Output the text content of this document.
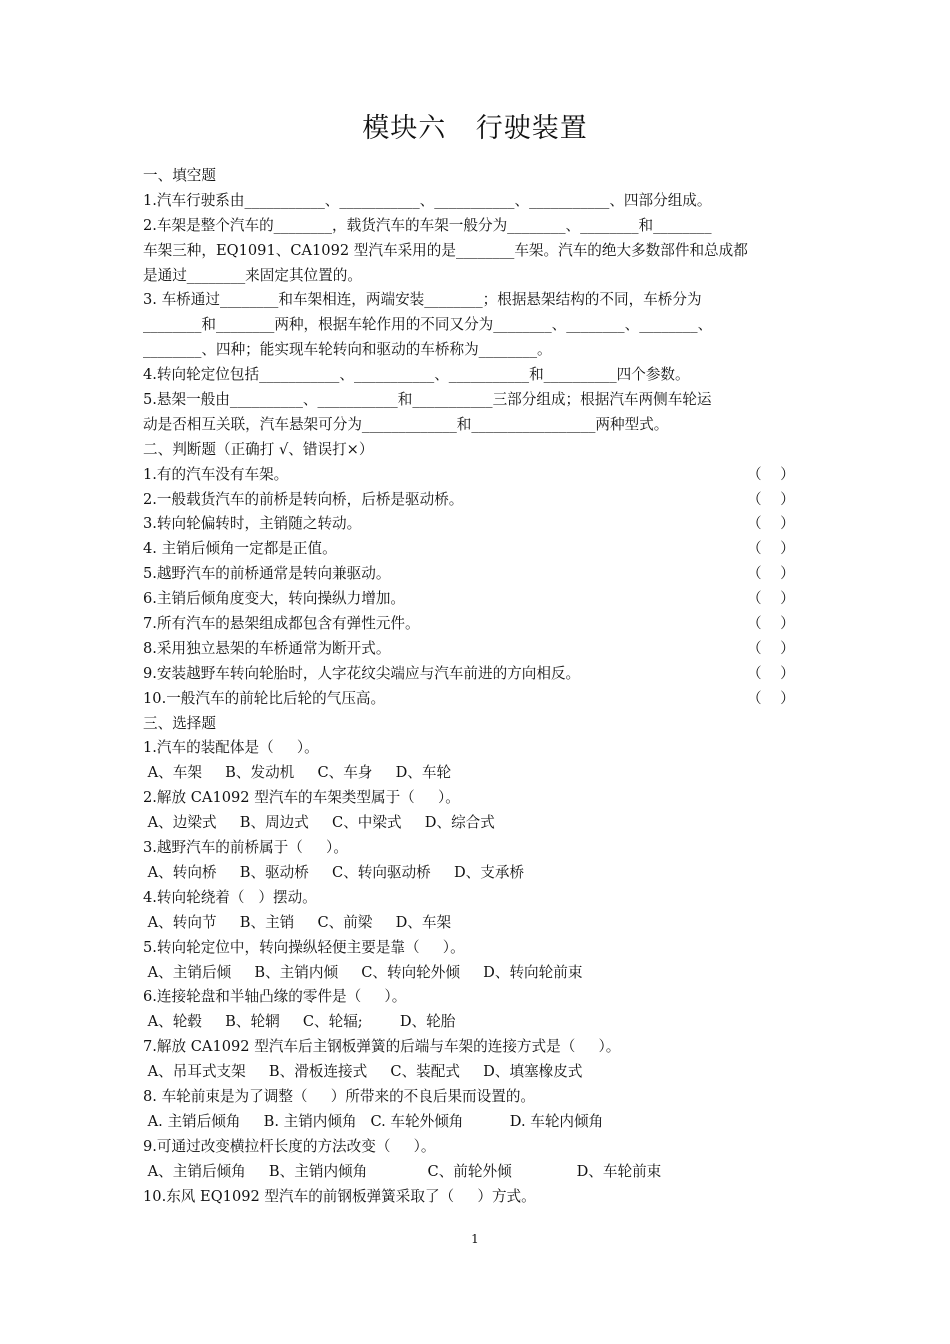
模块六 行驶装置
一、填空题
1.汽车行驶系由___________、___________、___________、___________、四部分组成。
2.车架是整个汽车的________，载货汽车的车架一般分为________、________和________
车架三种，EQ1091、CA1092 型汽车采用的是________车架。汽车的绝大多数部件和总成都
是通过________来固定其位置的。
3. 车桥通过________和车架相连，两端安装________；根据悬架结构的不同，车桥分为
________和________两种，根据车轮作用的不同又分为________、________、________、
________、四种；能实现车轮转向和驱动的车桥称为________。
4.转向轮定位包括___________、___________、___________和__________四个参数。
5.悬架一般由__________、___________和___________三部分组成；根据汽车两侧车轮运
动是否相互关联，汽车悬架可分为_____________和_________________两种型式。
二、判断题（正确打 √、错误打×）
1.有的汽车没有车架。	（    ）
2.一般载货汽车的前桥是转向桥，后桥是驱动桥。	（    ）
3.转向轮偏转时，主销随之转动。	（    ）
4. 主销后倾角一定都是正值。	（    ）
5.越野汽车的前桥通常是转向兼驱动。	（    ）
6.主销后倾角度变大，转向操纵力增加。	（    ）
7.所有汽车的悬架组成都包含有弹性元件。	（    ）
8.采用独立悬架的车桥通常为断开式。	（    ）
9.安装越野车转向轮胎时，人字花纹尖端应与汽车前进的方向相反。	（    ）
10.一般汽车的前轮比后轮的气压高。	（    ）
三、选择题
1.汽车的装配体是（     ）。
A、车架     B、发动机     C、车身     D、车轮
2.解放 CA1092 型汽车的车架类型属于（     ）。
A、边梁式     B、周边式     C、中梁式     D、综合式
3.越野汽车的前桥属于（     ）。
A、转向桥     B、驱动桥     C、转向驱动桥     D、支承桥
4.转向轮绕着（   ）摆动。
A、转向节     B、主销     C、前梁     D、车架
5.转向轮定位中，转向操纵轻便主要是靠（     ）。
A、主销后倾     B、主销内倾     C、转向轮外倾     D、转向轮前束
6.连接轮盘和半轴凸缘的零件是（     ）。
A、轮毂     B、轮辋     C、轮辐;        D、轮胎
7.解放 CA1092 型汽车后主钢板弹簧的后端与车架的连接方式是（     ）。
A、吊耳式支架     B、滑板连接式     C、装配式     D、填塞橡皮式
8. 车轮前束是为了调整（     ）所带来的不良后果而设置的。
A. 主销后倾角     B. 主销内倾角   C. 车轮外倾角          D. 车轮内倾角
9.可通过改变横拉杆长度的方法改变（     ）。
A、主销后倾角     B、主销内倾角             C、前轮外倾              D、车轮前束
10.东风 EQ1092 型汽车的前钢板弹簧采取了（     ）方式。
1
